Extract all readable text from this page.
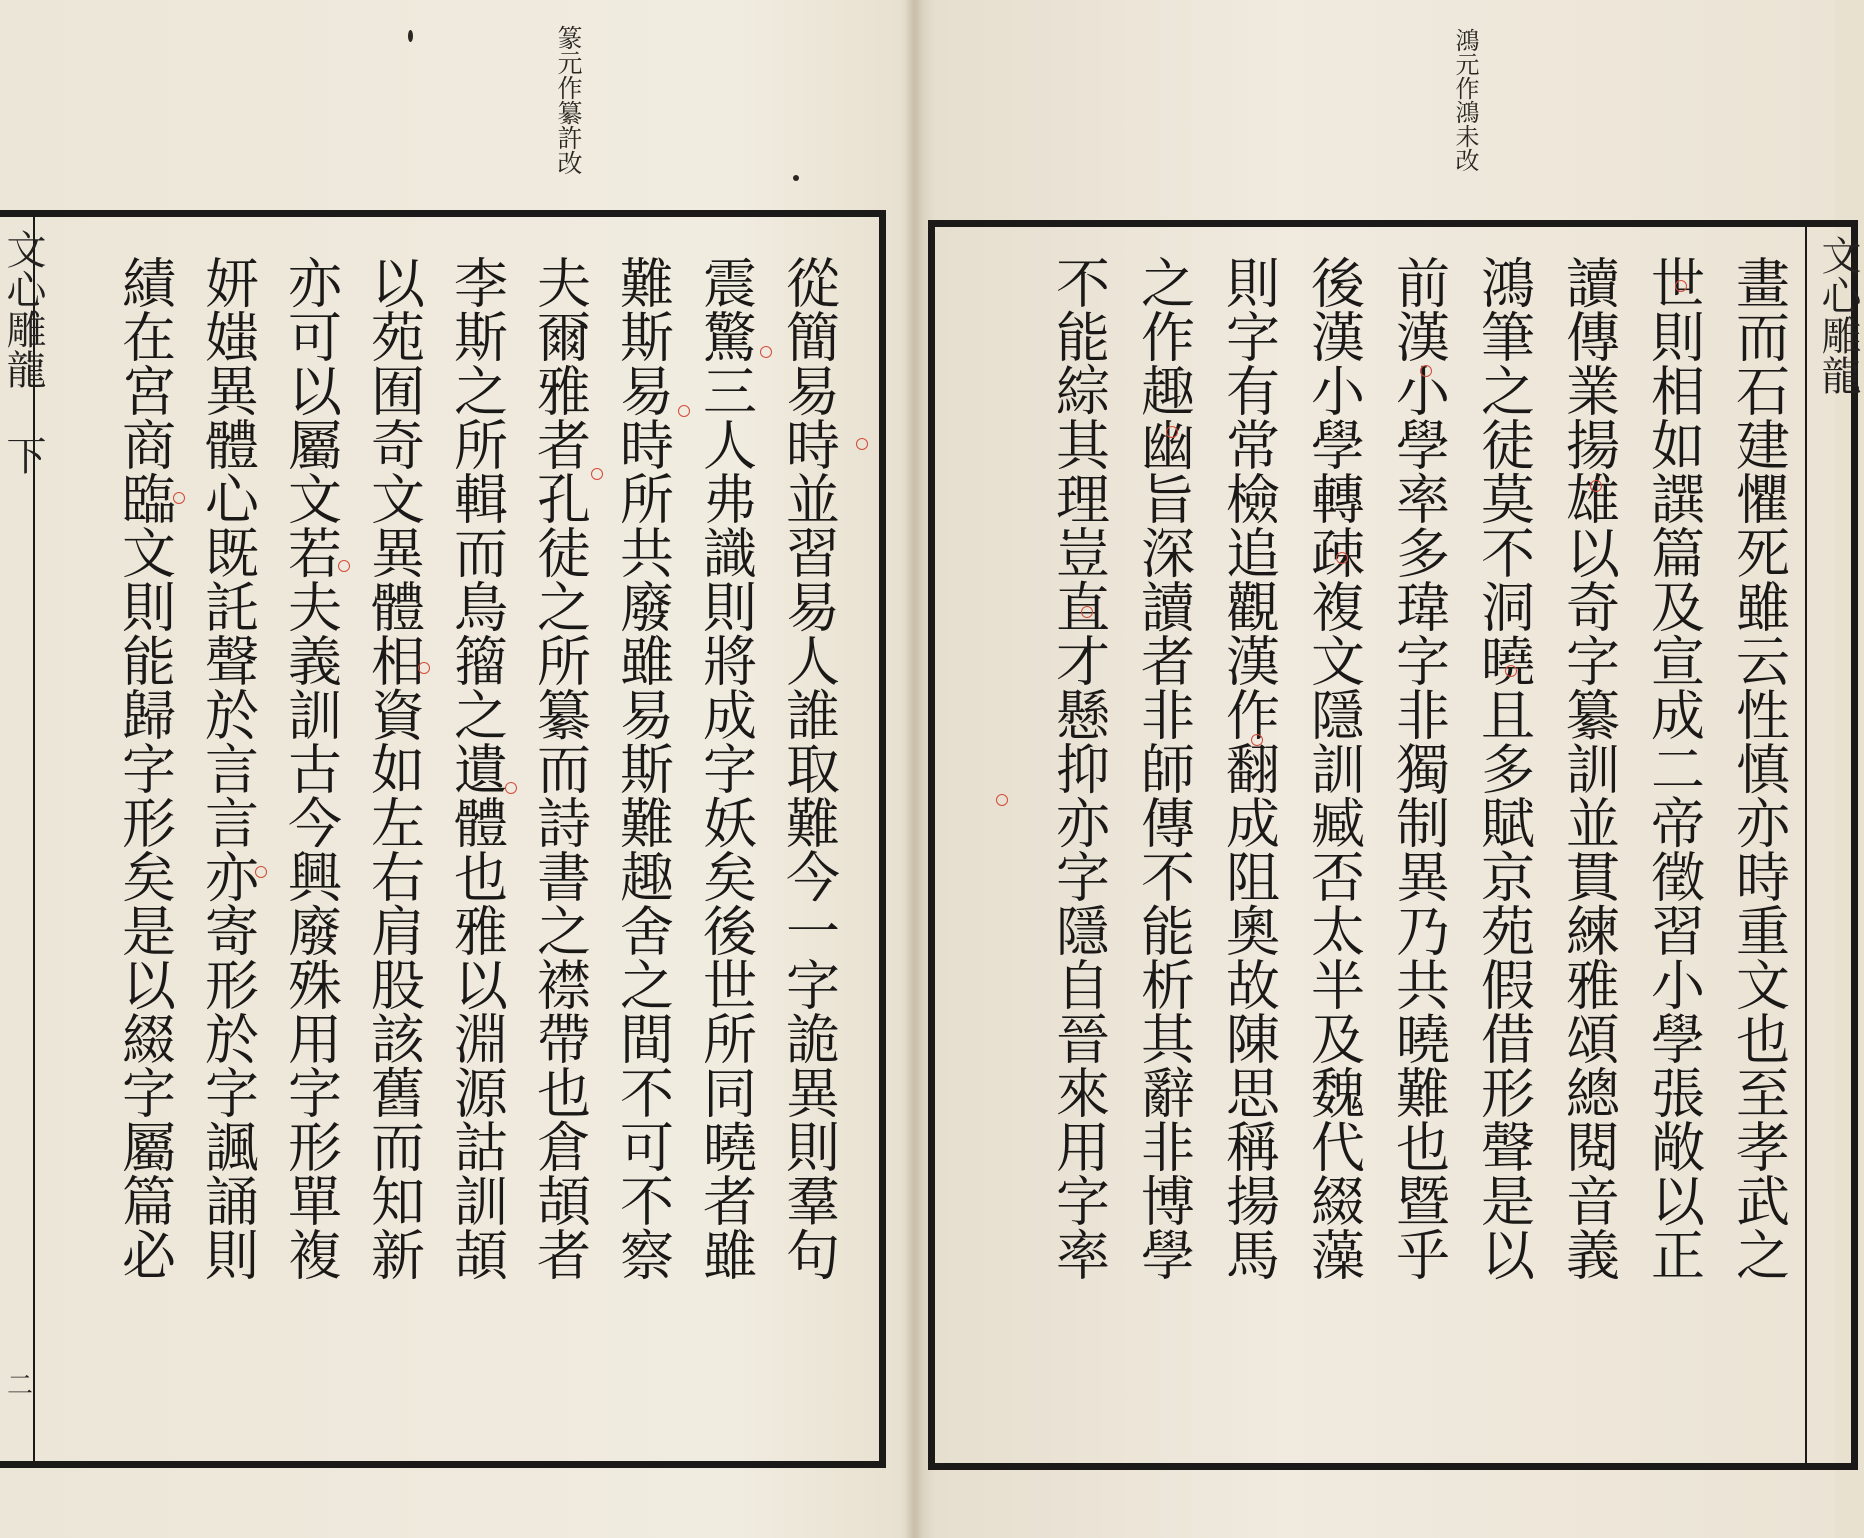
篆元作纂許改
文心雕龍 下
二
從簡易時並習易人誰取難今一字詭異則羣句
震驚三人弗識則將成字妖矣後世所同曉者雖
難斯易時所共廢雖易斯難趣舍之間不可不察
夫爾雅者孔徒之所纂而詩書之襟帶也倉頡者
李斯之所輯而鳥籀之遺體也雅以淵源詁訓頡
以苑囿奇文異體相資如左右肩股該舊而知新
亦可以屬文若夫義訓古今興廢殊用字形單複
妍媸異體心既託聲於言言亦寄形於字諷誦則
績在宮商臨文則能歸字形矣是以綴字屬篇必
鴻元作鴻未改
文心雕龍
畫而石建懼死雖云性慎亦時重文也至孝武之
世則相如譔篇及宣成二帝徵習小學張敞以正
讀傳業揚雄以奇字纂訓並貫練雅頌總閱音義
鴻筆之徒莫不洞曉且多賦京苑假借形聲是以
前漢小學率多瑋字非獨制異乃共曉難也暨乎
後漢小學轉疎複文隱訓臧否太半及魏代綴藻
則字有常檢追觀漢作翻成阻奧故陳思稱揚馬
之作趣幽旨深讀者非師傳不能析其辭非博學
不能綜其理豈直才懸抑亦字隱自晉來用字率
